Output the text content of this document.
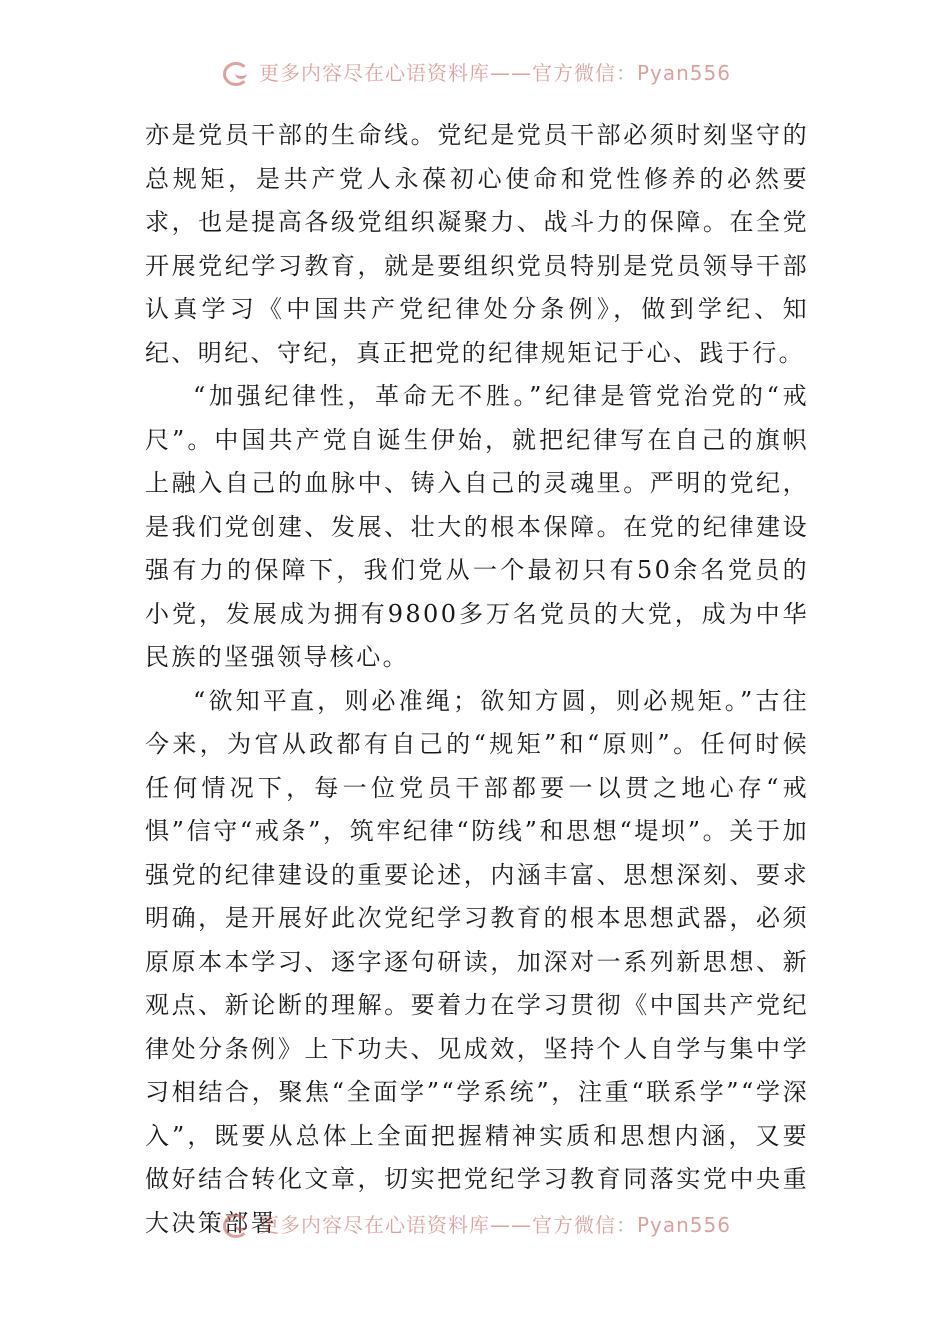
更多内容尽在心语资料库——官方微信：Pyan556

亦是党员干部的生命线。党纪是党员干部必须时刻坚守的总规矩，是共产党人永葆初心使命和党性修养的必然要求，也是提高各级党组织凝聚力、战斗力的保障。在全党开展党纪学习教育，就是要组织党员特别是党员领导干部认真学习《中国共产党纪律处分条例》，做到学纪、知纪、明纪、守纪，真正把党的纪律规矩记于心、践于行。

“加强纪律性，革命无不胜。”纪律是管党治党的“戒尺”。中国共产党自诞生伊始，就把纪律写在自己的旗帜上融入自己的血脉中、铸入自己的灵魂里。严明的党纪，是我们党创建、发展、壮大的根本保障。在党的纪律建设强有力的保障下，我们党从一个最初只有50余名党员的小党，发展成为拥有9800多万名党员的大党，成为中华民族的坚强领导核心。

“欲知平直，则必准绳；欲知方圆，则必规矩。”古往今来，为官从政都有自己的“规矩”和“原则”。任何时候任何情况下，每一位党员干部都要一以贯之地心存“戒惧”信守“戒条”，筑牢纪律“防线”和思想“堤坝”。关于加强党的纪律建设的重要论述，内涵丰富、思想深刻、要求明确，是开展好此次党纪学习教育的根本思想武器，必须原原本本学习、逐字逐句研读，加深对一系列新思想、新观点、新论断的理解。要着力在学习贯彻《中国共产党纪律处分条例》上下功夫、见成效，坚持个人自学与集中学习相结合，聚焦“全面学”“学系统”，注重“联系学”“学深入”，既要从总体上全面把握精神实质和思想内涵，又要做好结合转化文章，切实把党纪学习教育同落实党中央重大决策部署

更多内容尽在心语资料库——官方微信：Pyan556
